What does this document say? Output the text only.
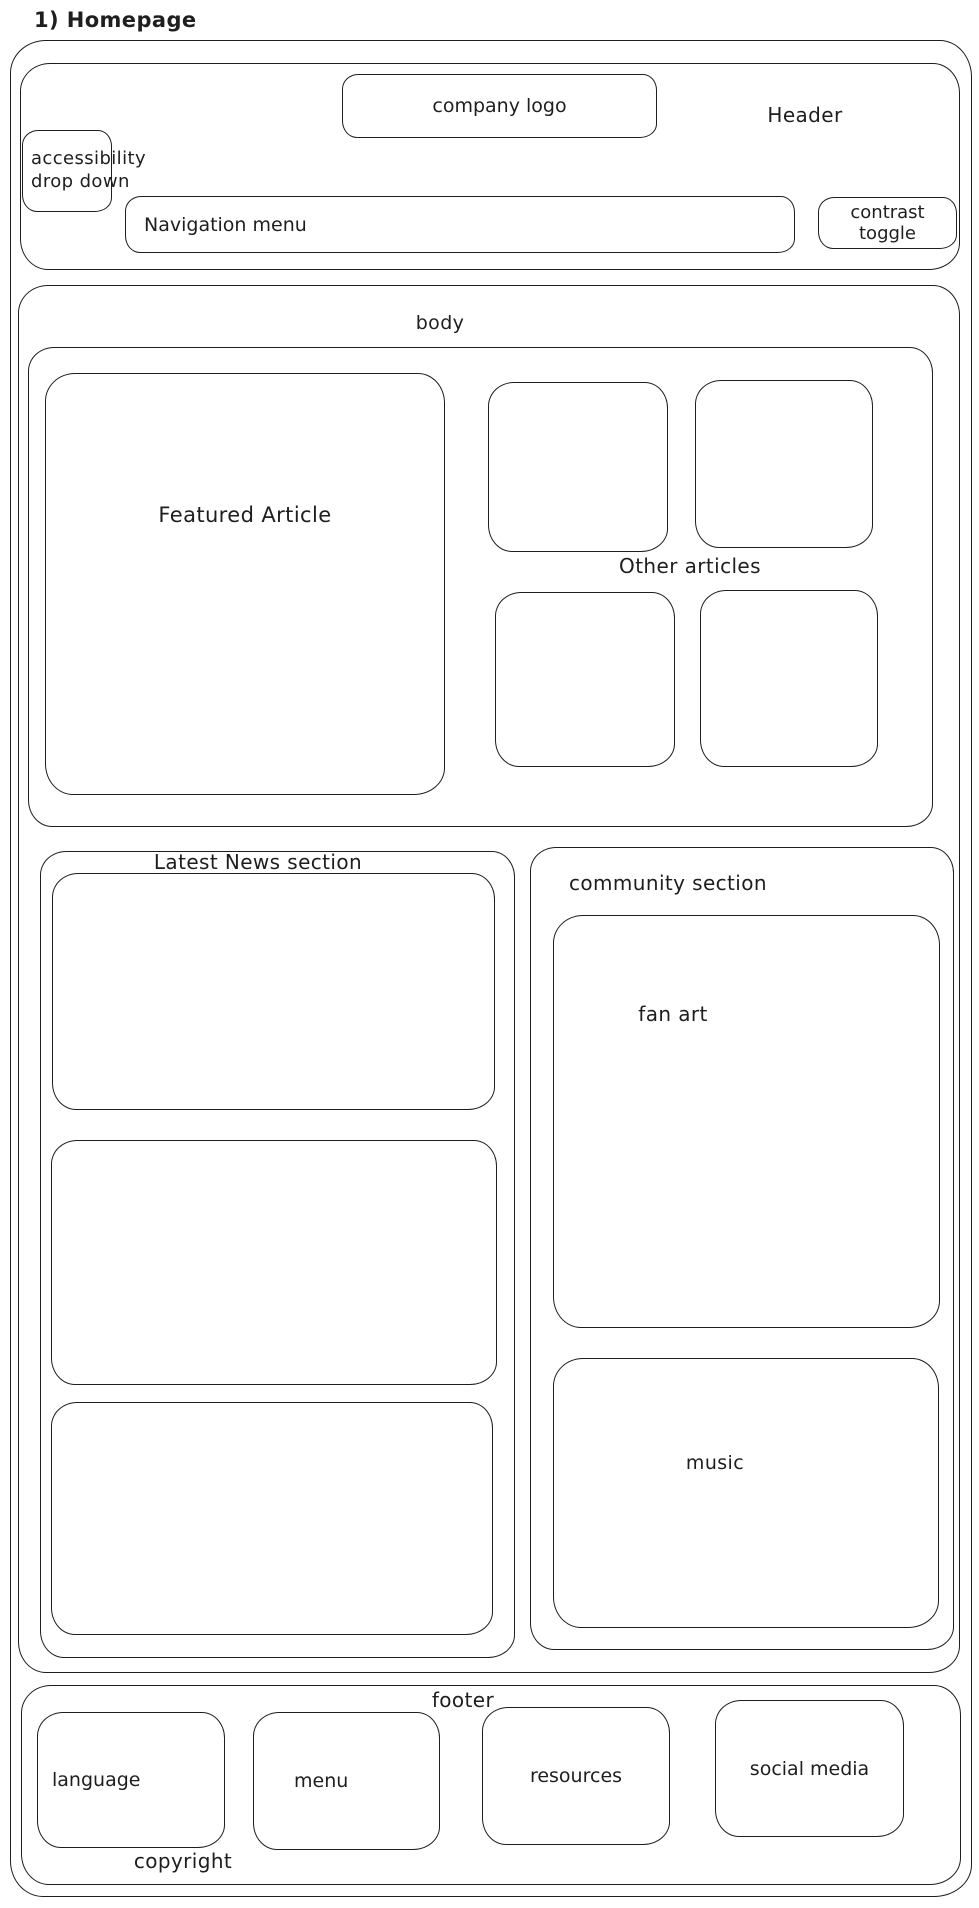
1) Homepage
company logo	Header
accessibility
drop down
Navigation menu
contrast
toggle
body
Featured Article
Other articles
Latest News section
community section
fan art
music
footer
language	menu	resources	social media
copyright
